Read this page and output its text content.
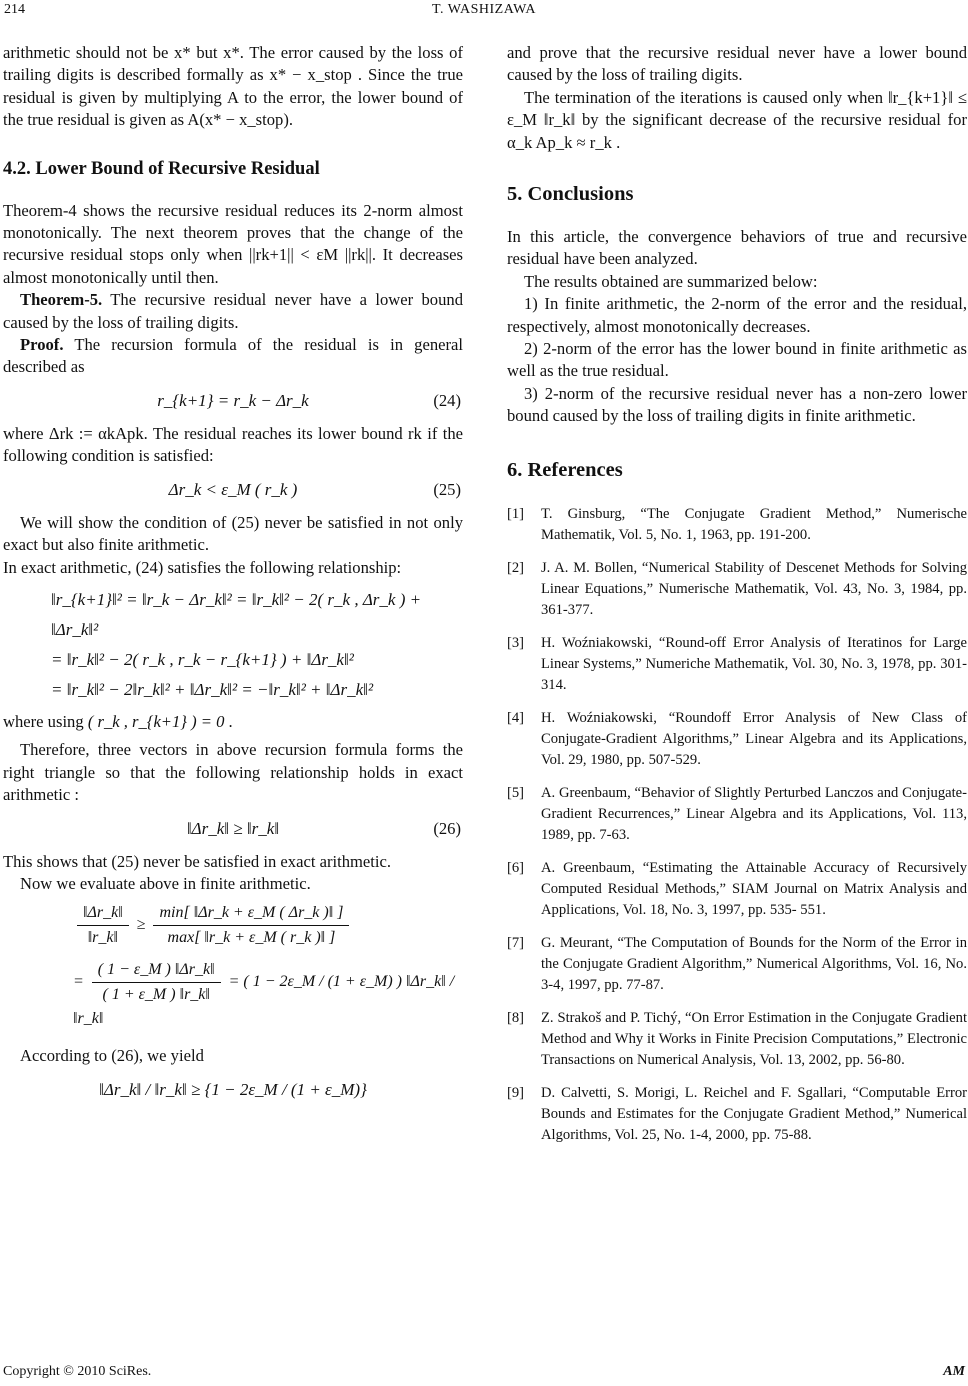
214	T. WASHIZAWA

arithmetic should not be x* but x*. The error caused by the loss of trailing digits is described formally as x* − x_stop . Since the true residual is given by multiplying A to the error, the lower bound of the true residual is given as A(x* − x_stop).

4.2. Lower Bound of Recursive Residual

Theorem-4 shows the recursive residual reduces its 2-norm almost monotonically. The next theorem proves that the change of the recursive residual stops only when ||rk+1|| < εM ||rk||. It decreases almost monotonically until then.

Theorem-5. The recursive residual never have a lower bound caused by the loss of trailing digits.

Proof. The recursion formula of the residual is in general described as

r_{k+1} = r_k − Δr_k	(24)

where Δrk := αkApk. The residual reaches its lower bound rk if the following condition is satisfied:

Δr_k < ε_M ( r_k )	(25)

We will show the condition of (25) never be satisfied in not only exact but also finite arithmetic.

In exact arithmetic, (24) satisfies the following relationship:

‖r_{k+1}‖² = ‖r_k − Δr_k‖² = ‖r_k‖² − 2( r_k , Δr_k ) + ‖Δr_k‖²
= ‖r_k‖² − 2( r_k , r_k − r_{k+1} ) + ‖Δr_k‖²
= ‖r_k‖² − 2‖r_k‖² + ‖Δr_k‖² = −‖r_k‖² + ‖Δr_k‖²

where using ( r_k , r_{k+1} ) = 0 .

Therefore, three vectors in above recursion formula forms the right triangle so that the following relationship holds in exact arithmetic :

‖Δr_k‖ ≥ ‖r_k‖	(26)

This shows that (25) never be satisfied in exact arithmetic.

Now we evaluate above in finite arithmetic.

$\frac{‖\Delta r\_k‖}{‖r\_k‖} \ge \frac{\min[ ‖\Delta r\_k + \varepsilon\_M ( \Delta r\_k )‖ ]}{\max[ ‖r\_k + \varepsilon\_M ( r\_k )‖ ]}$
= $\frac{( 1 - \varepsilon\_M ) ‖\Delta r\_k‖}{( 1 + \varepsilon\_M ) ‖r\_k‖}$ = ( 1 − 2ε_M / (1 + ε_M) ) ‖Δr_k‖ / ‖r_k‖

According to (26), we yield

‖Δr_k‖ / ‖r_k‖ ≥ {1 − 2ε_M / (1 + ε_M)}

and prove that the recursive residual never have a lower bound caused by the loss of trailing digits.

The termination of the iterations is caused only when ‖r_{k+1}‖ ≤ ε_M ‖r_k‖ by the significant decrease of the recursive residual for α_k Ap_k ≈ r_k .

5. Conclusions

In this article, the convergence behaviors of true and recursive residual have been analyzed.

The results obtained are summarized below:

1) In finite arithmetic, the 2-norm of the error and the residual, respectively, almost monotonically decreases.

2) 2-norm of the error has the lower bound in finite arithmetic as well as the true residual.

3) 2-norm of the recursive residual never has a non-zero lower bound caused by the loss of trailing digits in finite arithmetic.

6. References
[1]	T. Ginsburg, “The Conjugate Gradient Method,” Numerische Mathematik, Vol. 5, No. 1, 1963, pp. 191-200.
[2]	J. A. M. Bollen, “Numerical Stability of Descenet Methods for Solving Linear Equations,” Numerische Mathematik, Vol. 43, No. 3, 1984, pp. 361-377.
[3]	H. Woźniakowski, “Round-off Error Analysis of Iteratinos for Large Linear Systems,” Numeriche Mathematik, Vol. 30, No. 3, 1978, pp. 301-314.
[4]	H. Woźniakowski, “Roundoff Error Analysis of New Class of Conjugate-Gradient Algorithms,” Linear Algebra and its Applications, Vol. 29, 1980, pp. 507-529.
[5]	A. Greenbaum, “Behavior of Slightly Perturbed Lanczos and Conjugate-Gradient Recurrences,” Linear Algebra and its Applications, Vol. 113, 1989, pp. 7-63.
[6]	A. Greenbaum, “Estimating the Attainable Accuracy of Recursively Computed Residual Methods,” SIAM Journal on Matrix Analysis and Applications, Vol. 18, No. 3, 1997, pp. 535- 551.
[7]	G. Meurant, “The Computation of Bounds for the Norm of the Error in the Conjugate Gradient Algorithm,” Numerical Algorithms, Vol. 16, No. 3-4, 1997, pp. 77-87.
[8]	Z. Strakoš and P. Tichý, “On Error Estimation in the Conjugate Gradient Method and Why it Works in Finite Precision Computations,” Electronic Transactions on Numerical Analysis, Vol. 13, 2002, pp. 56-80.
[9]	D. Calvetti, S. Morigi, L. Reichel and F. Sgallari, “Computable Error Bounds and Estimates for the Conjugate Gradient Method,” Numerical Algorithms, Vol. 25, No. 1-4, 2000, pp. 75-88.
Copyright © 2010 SciRes.	AM
